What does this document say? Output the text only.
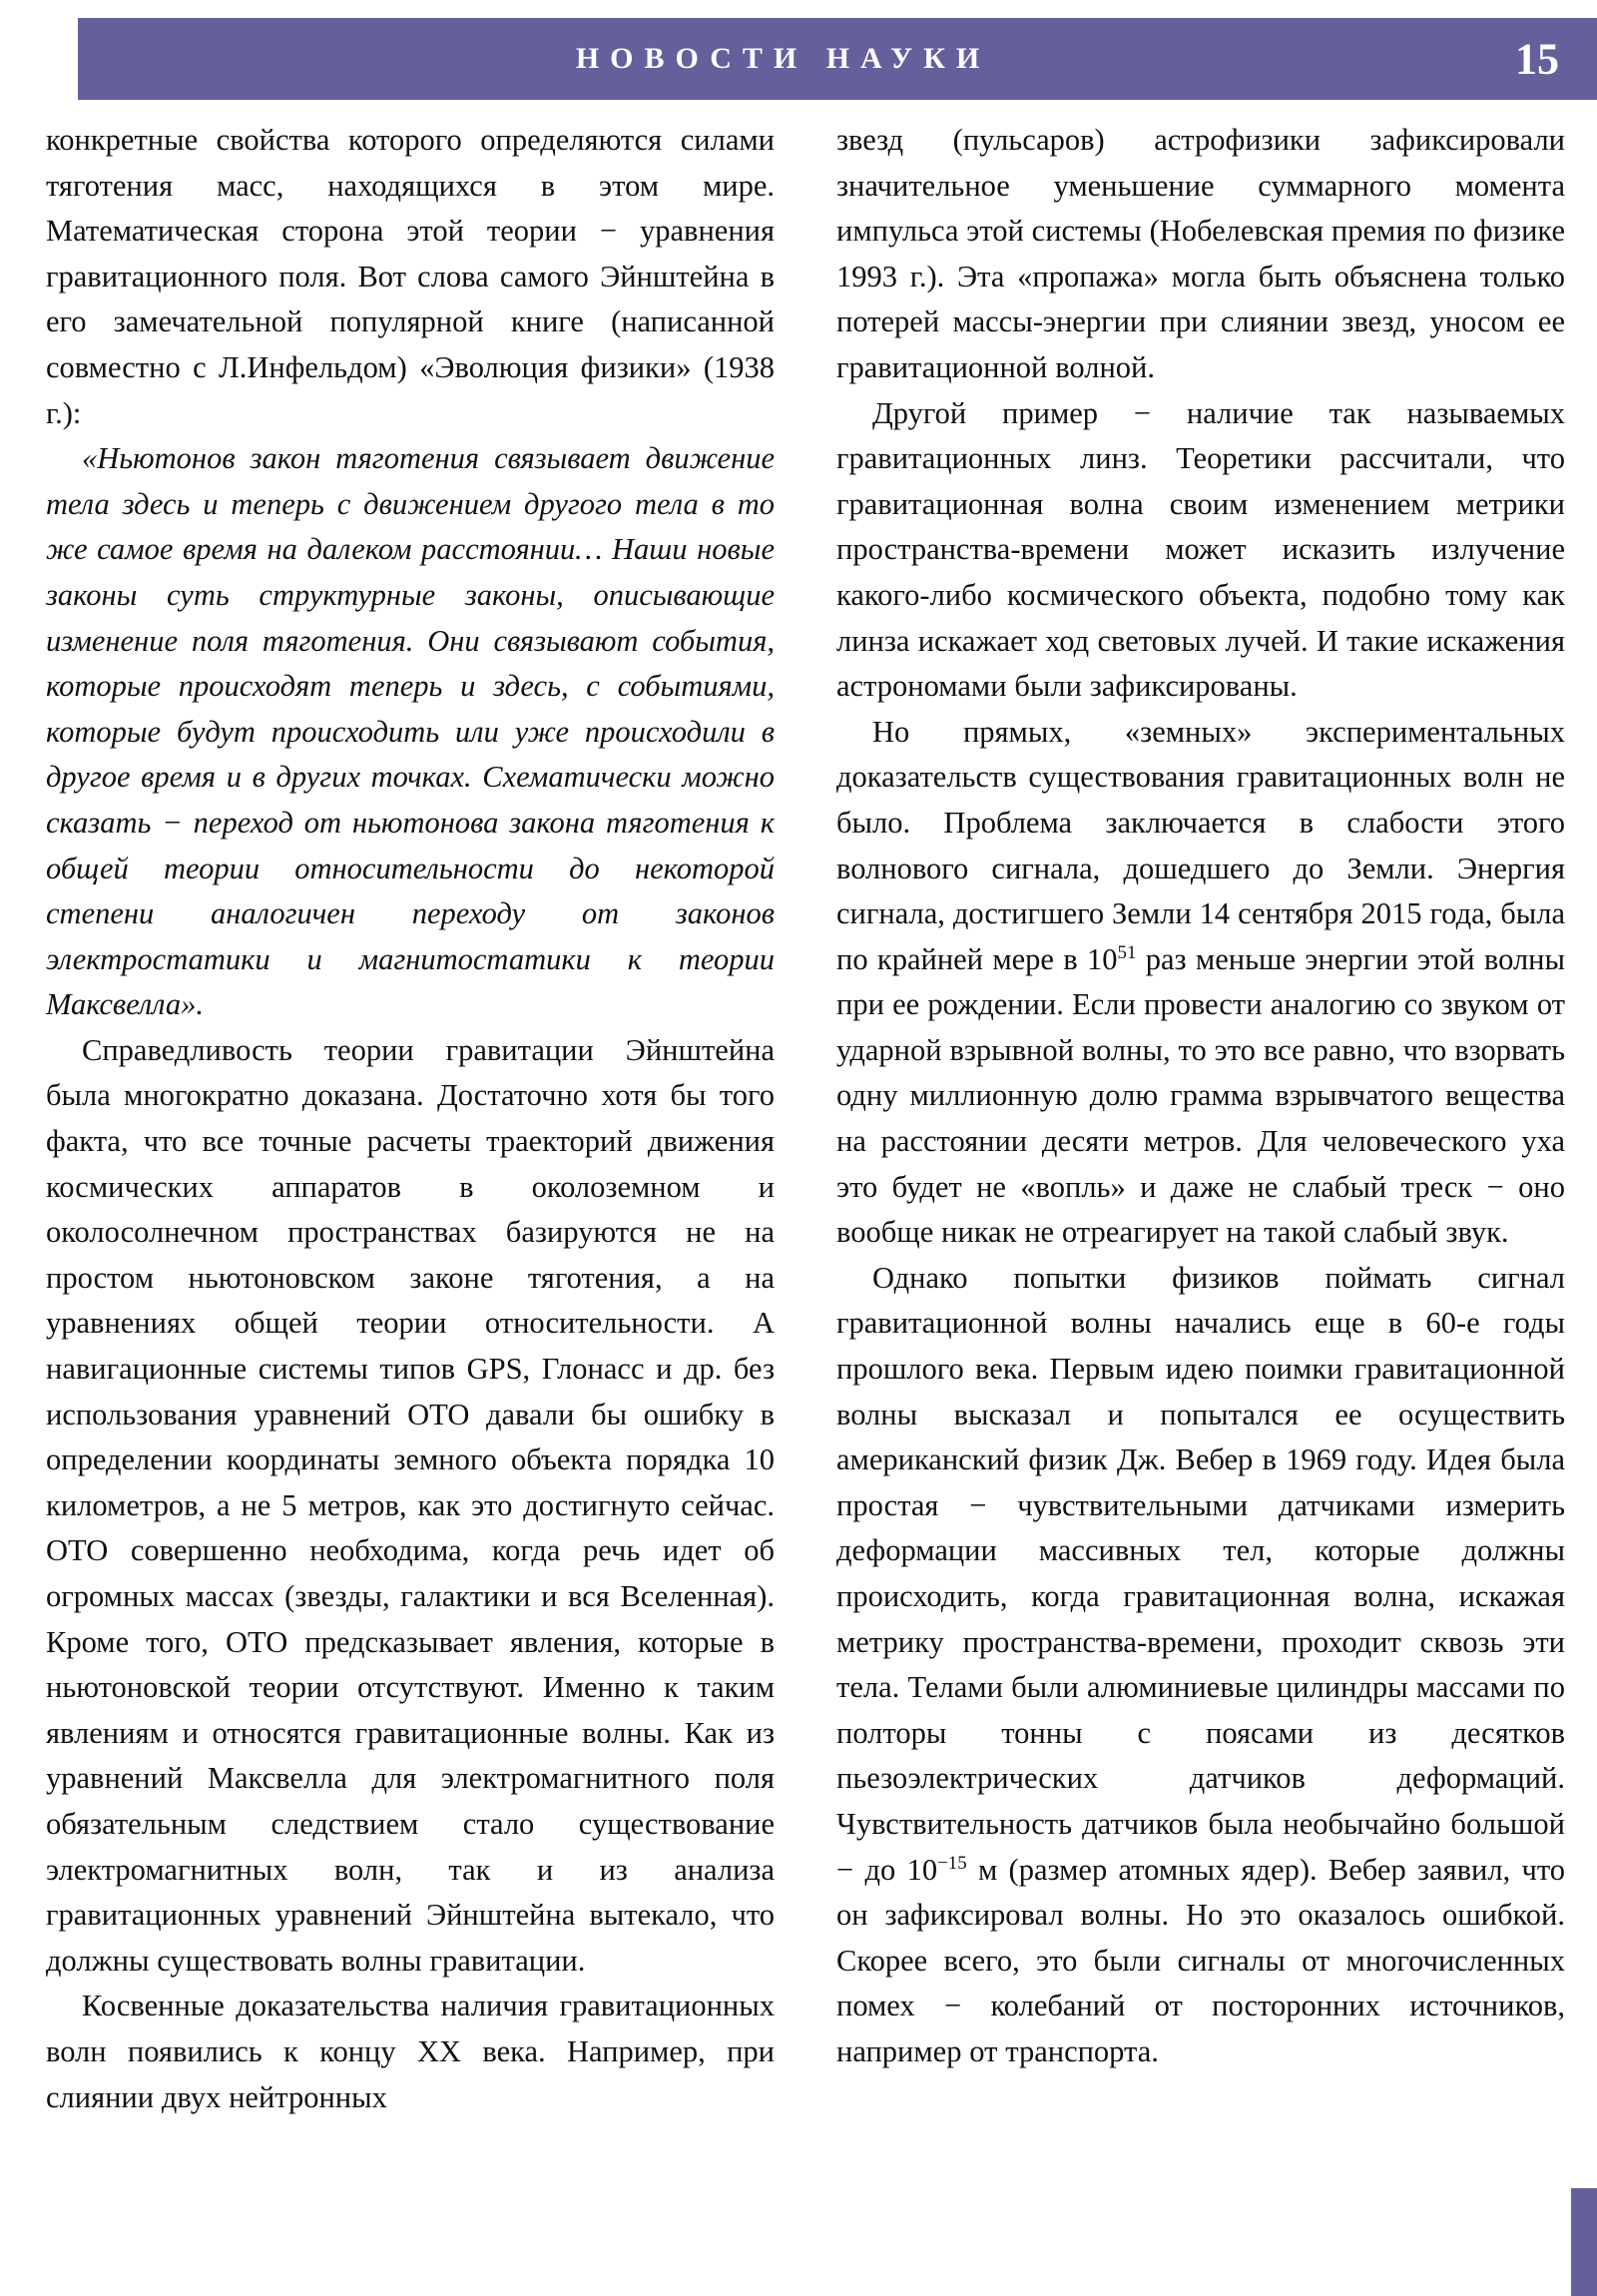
НОВОСТИ НАУКИ	15

конкретные свойства которого определяются силами тяготения масс, находящихся в этом мире. Математическая сторона этой теории − уравнения гравитационного поля. Вот слова самого Эйнштейна в его замечательной популярной книге (написанной совместно с Л.Инфельдом) «Эволюция физики» (1938 г.):

«Ньютонов закон тяготения связывает движение тела здесь и теперь с движением другого тела в то же самое время на далеком расстоянии… Наши новые законы суть структурные законы, описывающие изменение поля тяготения. Они связывают события, которые происходят теперь и здесь, с событиями, которые будут происходить или уже происходили в другое время и в других точках. Схематически можно сказать − переход от ньютонова закона тяготения к общей теории относительности до некоторой степени аналогичен переходу от законов электростатики и магнитостатики к теории Максвелла».

Справедливость теории гравитации Эйнштейна была многократно доказана. Достаточно хотя бы того факта, что все точные расчеты траекторий движения космических аппаратов в околоземном и околосолнечном пространствах базируются не на простом ньютоновском законе тяготения, а на уравнениях общей теории относительности. А навигационные системы типов GPS, Глонасс и др. без использования уравнений ОТО давали бы ошибку в определении координаты земного объекта порядка 10 километров, а не 5 метров, как это достигнуто сейчас. ОТО совершенно необходима, когда речь идет об огромных массах (звезды, галактики и вся Вселенная). Кроме того, ОТО предсказывает явления, которые в ньютоновской теории отсутствуют. Именно к таким явлениям и относятся гравитационные волны. Как из уравнений Максвелла для электромагнитного поля обязательным следствием стало существование электромагнитных волн, так и из анализа гравитационных уравнений Эйнштейна вытекало, что должны существовать волны гравитации.

Косвенные доказательства наличия гравитационных волн появились к концу XX века. Например, при слиянии двух нейтронных

звезд (пульсаров) астрофизики зафиксировали значительное уменьшение суммарного момента импульса этой системы (Нобелевская премия по физике 1993 г.). Эта «пропажа» могла быть объяснена только потерей массы-энергии при слиянии звезд, уносом ее гравитационной волной.

Другой пример − наличие так называемых гравитационных линз. Теоретики рассчитали, что гравитационная волна своим изменением метрики пространства-времени может исказить излучение какого-либо космического объекта, подобно тому как линза искажает ход световых лучей. И такие искажения астрономами были зафиксированы.

Но прямых, «земных» экспериментальных доказательств существования гравитационных волн не было. Проблема заключается в слабости этого волнового сигнала, дошедшего до Земли. Энергия сигнала, достигшего Земли 14 сентября 2015 года, была по крайней мере в $10^{51}$ раз меньше энергии этой волны при ее рождении. Если провести аналогию со звуком от ударной взрывной волны, то это все равно, что взорвать одну миллионную долю грамма взрывчатого вещества на расстоянии десяти метров. Для человеческого уха это будет не «вопль» и даже не слабый треск − оно вообще никак не отреагирует на такой слабый звук.

Однако попытки физиков поймать сигнал гравитационной волны начались еще в 60-е годы прошлого века. Первым идею поимки гравитационной волны высказал и попытался ее осуществить американский физик Дж. Вебер в 1969 году. Идея была простая − чувствительными датчиками измерить деформации массивных тел, которые должны происходить, когда гравитационная волна, искажая метрику пространства-времени, проходит сквозь эти тела. Телами были алюминиевые цилиндры массами по полторы тонны с поясами из десятков пьезоэлектрических датчиков деформаций. Чувствительность датчиков была необычайно большой − до $10^{-15}$ м (размер атомных ядер). Вебер заявил, что он зафиксировал волны. Но это оказалось ошибкой. Скорее всего, это были сигналы от многочисленных помех − колебаний от посторонних источников, например от транспорта.
